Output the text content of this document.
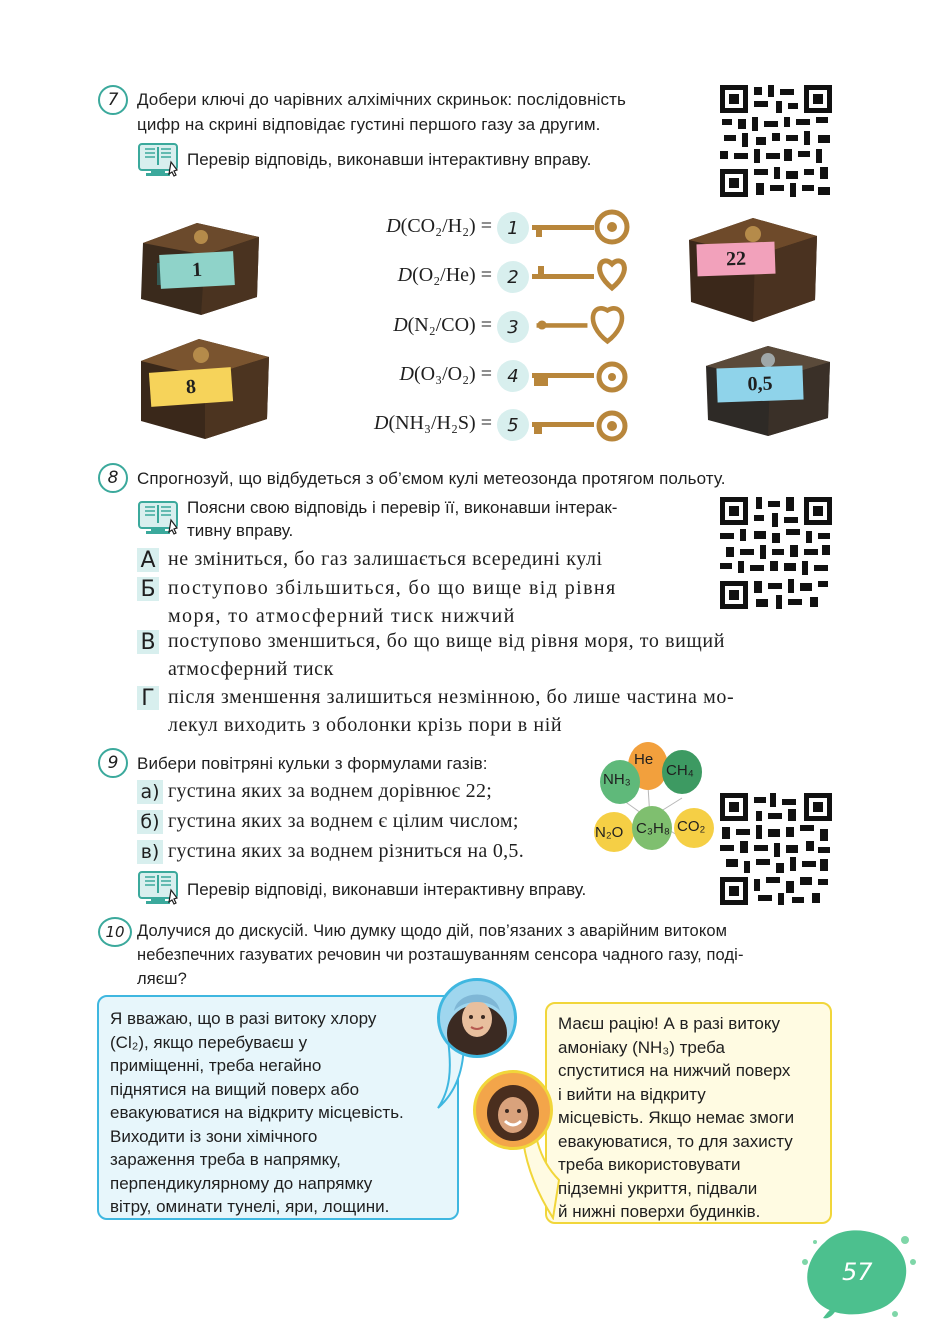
7	Добери ключі до чарівних алхімічних скриньок: послідовність
цифр на скрині відповідає густині першого газу за другим.
Перевір відповідь, виконавши інтерактивну вправу.
1	22
8	0,5
D(CO₂/H₂) = 1
D(O₂/He) = 2
D(N₂/CO) = 3
D(O₃/O₂) = 4
D(NH₃/H₂S) = 5
8	Спрогнозуй, що відбудеться з об’ємом кулі метеозонда протягом польоту.
Поясни свою відповідь і перевір її, виконавши інтерак-
тивну вправу.
А не зміниться, бо газ залишається всередині кулі
Б поступово збільшиться, бо що вище від рівня
моря, то атмосферний тиск нижчий
В поступово зменшиться, бо що вище від рівня моря, то вищий
атмосферний тиск
Г після зменшення залишиться незмінною, бо лише частина мо-
лекул виходить з оболонки крізь пори в ній
9	Вибери повітряні кульки з формулами газів:
а) густина яких за воднем дорівнює 22;
б) густина яких за воднем є цілим числом;
в) густина яких за воднем різниться на 0,5.
He
NH₃
CH₄
N₂O C₃H₈ CO₂
Перевір відповіді, виконавши інтерактивну вправу.
10 Долучися до дискусій. Чию думку щодо дій, пов’язаних з аварійним витоком
небезпечних газуватих речовин чи розташуванням сенсора чадного газу, поді-
ляєш?
Я вважаю, що в разі витоку хлору
(Cl₂), якщо перебуваєш у
приміщенні, треба негайно
піднятися на вищий поверх або
евакуюватися на відкриту місцевість.
Виходити із зони хімічного
зараження треба в напрямку,
перпендикулярному до напрямку
вітру, оминати тунелі, яри, лощини.
Маєш рацію! А в разі витоку
амоніаку (NH₃) треба
спуститися на нижчий поверх
і вийти на відкриту
місцевість. Якщо немає змоги
евакуюватися, то для захисту
треба використовувати
підземні укриття, підвали
й нижні поверхи будинків.
57
